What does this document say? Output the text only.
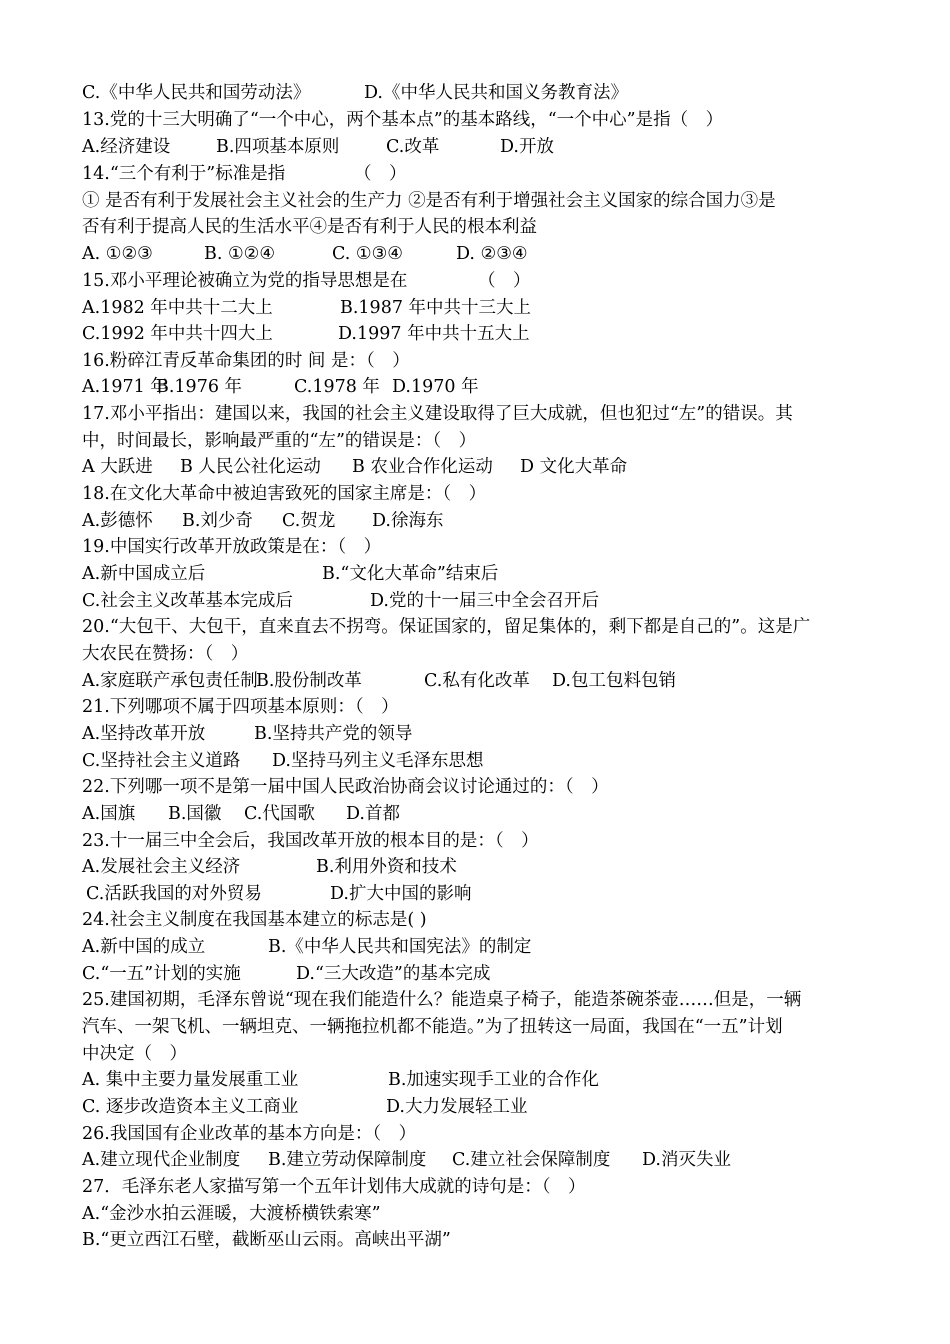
C.《中华人民共和国劳动法》	D.《中华人民共和国义务教育法》
13.党的十三大明确了“一个中心，两个基本点”的基本路线，“一个中心”是指（　）
A.经济建设	B.四项基本原则	C.改革	D.开放
14.“三个有利于”标准是指	（　）
① 是否有利于发展社会主义社会的生产力 ②是否有利于增强社会主义国家的综合国力③是
否有利于提高人民的生活水平④是否有利于人民的根本利益
A. ①②③	B. ①②④	C. ①③④	D. ②③④
15.邓小平理论被确立为党的指导思想是在	（　）
A.1982 年中共十二大上	B.1987 年中共十三大上
C.1992 年中共十四大上	D.1997 年中共十五大上
16.粉碎江青反革命集团的时 间 是：（　）
A.1971 年
B.1976 年	C.1978 年 D.1970 年
17.邓小平指出：建国以来，我国的社会主义建设取得了巨大成就，但也犯过“左”的错误。其
中，时间最长，影响最严重的“左”的错误是：（　）
A 大跃进 B 人民公社化运动 B 农业合作化运动 D 文化大革命
18.在文化大革命中被迫害致死的国家主席是：（　）
A.彭德怀 B.刘少奇 C.贺龙 D.徐海东
19.中国实行改革开放政策是在：（　）
A.新中国成立后	B.“文化大革命”结束后
C.社会主义改革基本完成后	D.党的十一届三中全会召开后
20.“大包干、大包干，直来直去不拐弯。保证国家的，留足集体的，剩下都是自己的”。这是广
大农民在赞扬：（　）
A.家庭联产承包责任制
B.股份制改革	C.私有化改革 D.包工包料包销
21.下列哪项不属于四项基本原则：（　）
A.坚持改革开放	B.坚持共产党的领导
C.坚持社会主义道路 D.坚持马列主义毛泽东思想
22.下列哪一项不是第一届中国人民政治协商会议讨论通过的：（　）
A.国旗 B.国徽 C.代国歌 D.首都
23.十一届三中全会后，我国改革开放的根本目的是：（　）
A.发展社会主义经济	B.利用外资和技术
C.活跃我国的对外贸易	D.扩大中国的影响
24.社会主义制度在我国基本建立的标志是( )
A.新中国的成立	B.《中华人民共和国宪法》的制定
C.“一五”计划的实施	D.“三大改造”的基本完成
25.建国初期，毛泽东曾说“现在我们能造什么？能造桌子椅子，能造茶碗茶壶……但是，一辆
汽车、一架飞机、一辆坦克、一辆拖拉机都不能造。”为了扭转这一局面，我国在“一五”计划
中决定（　）
A. 集中主要力量发展重工业	B.加速实现手工业的合作化
C. 逐步改造资本主义工商业	D.大力发展轻工业
26.我国国有企业改革的基本方向是：（　）
A.建立现代企业制度 B.建立劳动保障制度 C.建立社会保障制度 D.消灭失业
27．毛泽东老人家描写第一个五年计划伟大成就的诗句是：（　）
A.“金沙水拍云涯暖，大渡桥横铁索寒”
B.“更立西江石壁，截断巫山云雨。高峡出平湖”
